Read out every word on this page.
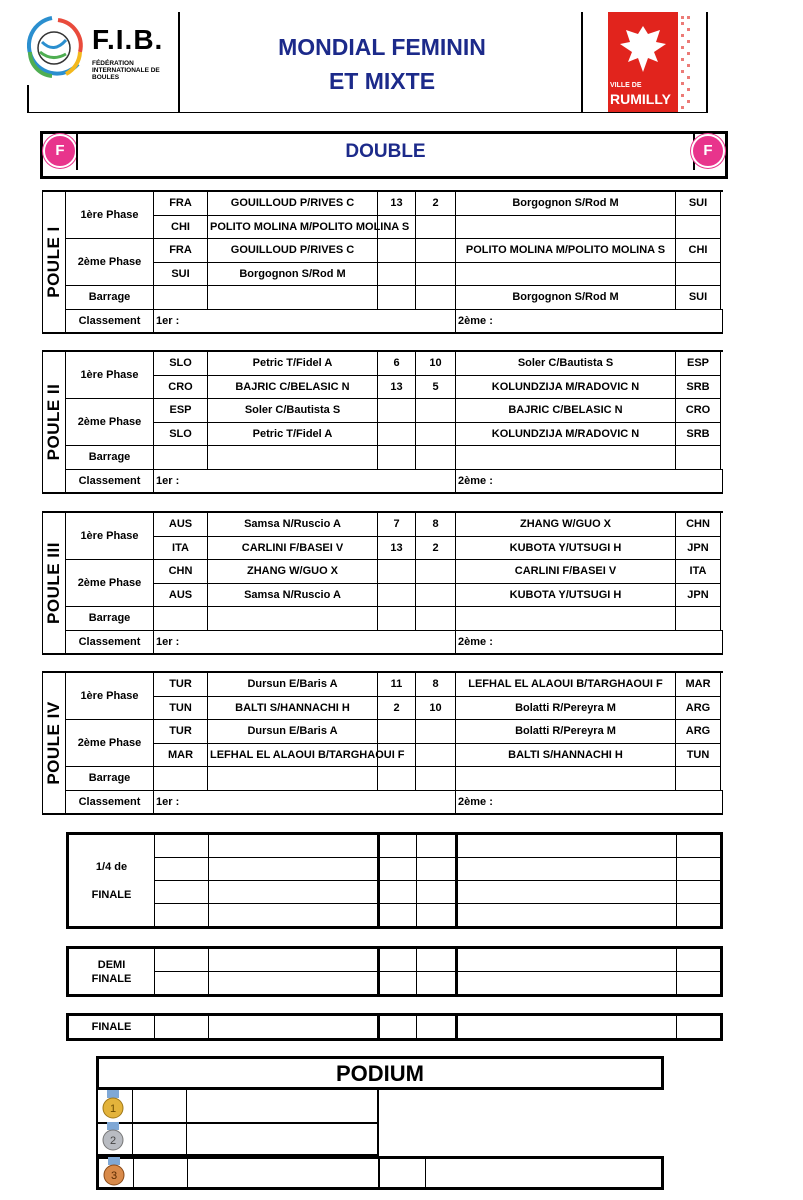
F.I.B.
FÉDÉRATION INTERNATIONALE DE BOULES
MONDIAL FEMININ
ET MIXTE	VILLE DE
RUMILLY
F	DOUBLE	F
POULE I	1ère Phase	FRA	GOUILLOUD P/RIVES C	13	2	Borgognon S/Rod M	SUI
		CHI	POLITO MOLINA M/POLITO MOLINA S				
	2ème Phase	FRA	GOUILLOUD P/RIVES C			POLITO MOLINA M/POLITO MOLINA S	CHI
		SUI	Borgognon S/Rod M				
	Barrage					Borgognon S/Rod M	SUI
	Classement	1er :				2ème :	
POULE II	1ère Phase	SLO	Petric T/Fidel A	6	10	Soler C/Bautista S	ESP
		CRO	BAJRIC C/BELASIC N	13	5	KOLUNDZIJA M/RADOVIC N	SRB
	2ème Phase	ESP	Soler C/Bautista S			BAJRIC C/BELASIC N	CRO
		SLO	Petric T/Fidel A			KOLUNDZIJA M/RADOVIC N	SRB
	Barrage						
	Classement	1er :				2ème :	
POULE III	1ère Phase	AUS	Samsa N/Ruscio A	7	8	ZHANG W/GUO X	CHN
		ITA	CARLINI F/BASEI V	13	2	KUBOTA Y/UTSUGI H	JPN
	2ème Phase	CHN	ZHANG W/GUO X			CARLINI F/BASEI V	ITA
		AUS	Samsa N/Ruscio A			KUBOTA Y/UTSUGI H	JPN
	Barrage						
	Classement	1er :				2ème :	
POULE IV	1ère Phase	TUR	Dursun E/Baris A	11	8	LEFHAL EL ALAOUI B/TARGHAOUI F	MAR
		TUN	BALTI S/HANNACHI H	2	10	Bolatti R/Pereyra M	ARG
	2ème Phase	TUR	Dursun E/Baris A			Bolatti R/Pereyra M	ARG
		MAR	LEFHAL EL ALAOUI B/TARGHAOUI F			BALTI S/HANNACHI H	TUN
	Barrage						
	Classement	1er :				2ème :	
1/4 de
FINALE						

DEMI
FINALE						

FINALE						
PODIUM
1
2
3
